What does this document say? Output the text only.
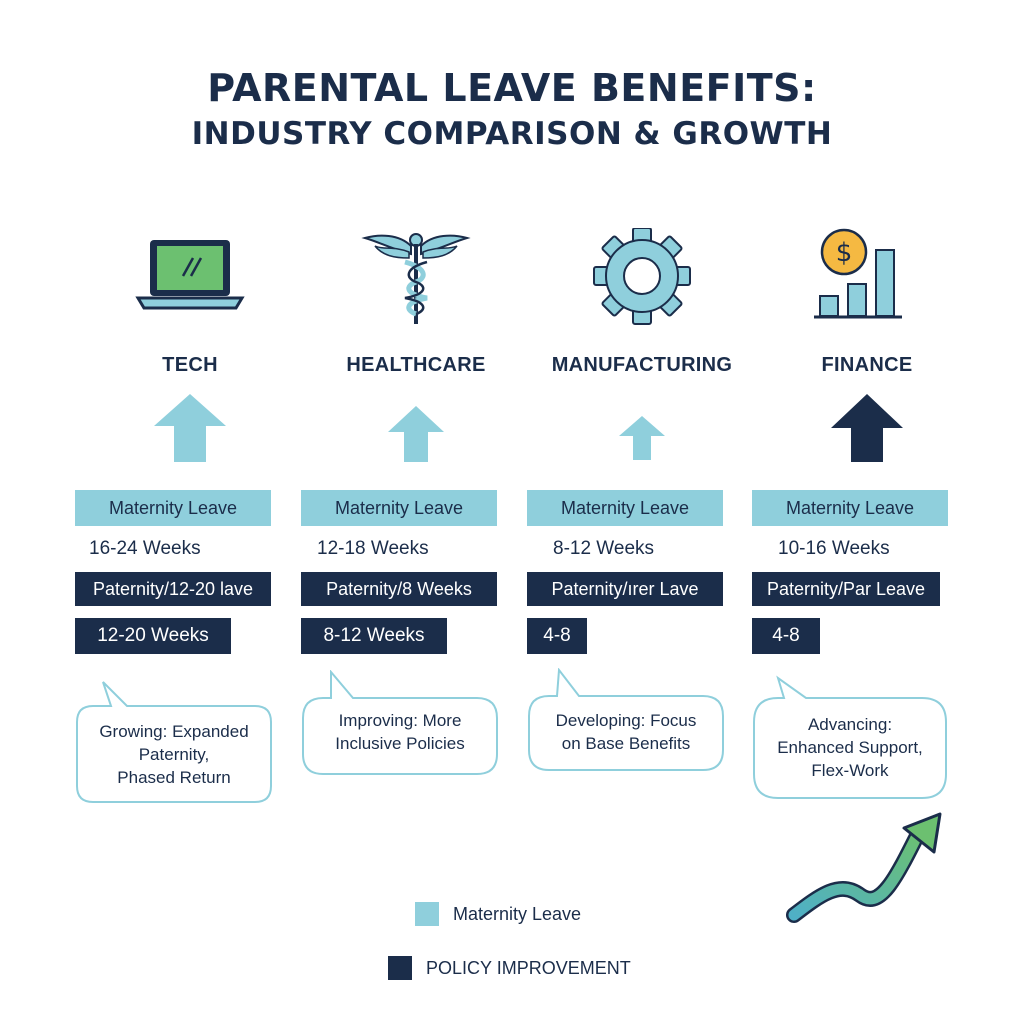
PARENTAL LEAVE BENEFITS:
INDUSTRY COMPARISON & GROWTH
TECH
Maternity Leave
16-24 Weeks
Paternity/12-20 lave
12-20 Weeks
Growing: Expanded
Paternity,
Phased Return
HEALTHCARE
Maternity Leave
12-18 Weeks
Paternity/8 Weeks
8-12 Weeks
Improving: More
Inclusive Policies
MANUFACTURING
Maternity Leave
8-12 Weeks
Paternity/ırer Lave
4-8
Developing: Focus
on Base Benefits
$
FINANCE
Maternity Leave
10-16 Weeks
Paternity/Par Leave
4-8
Advancing:
Enhanced Support,
Flex-Work
Maternity Leave
POLICY IMPROVEMENT
